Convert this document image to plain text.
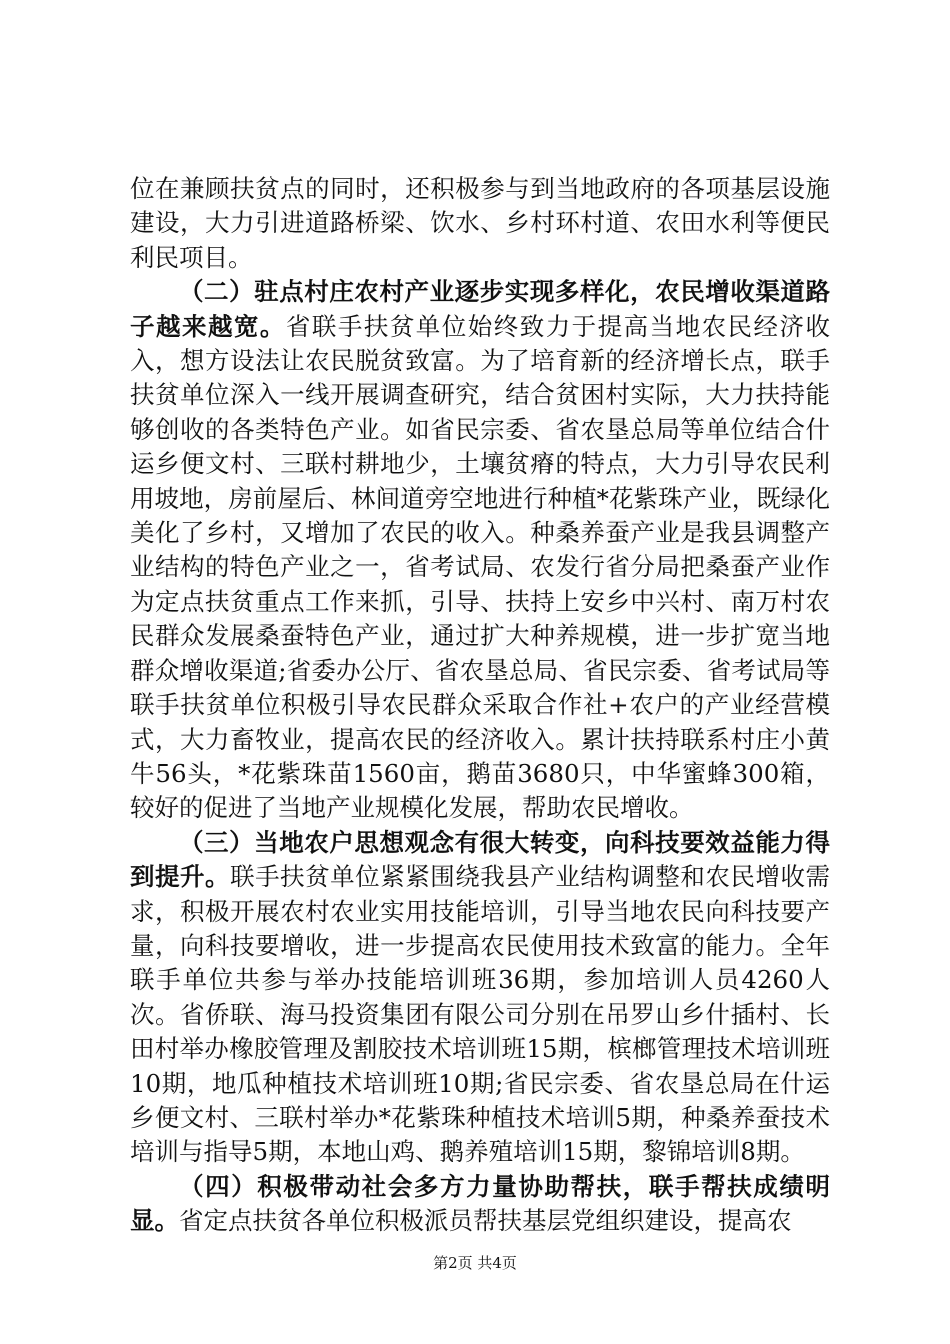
位在兼顾扶贫点的同时，还积极参与到当地政府的各项基层设施建设，大力引进道路桥梁、饮水、乡村环村道、农田水利等便民利民项目。

（二）驻点村庄农村产业逐步实现多样化，农民增收渠道路子越来越宽。省联手扶贫单位始终致力于提高当地农民经济收入，想方设法让农民脱贫致富。为了培育新的经济增长点，联手扶贫单位深入一线开展调查研究，结合贫困村实际，大力扶持能够创收的各类特色产业。如省民宗委、省农垦总局等单位结合什运乡便文村、三联村耕地少，土壤贫瘠的特点，大力引导农民利用坡地，房前屋后、林间道旁空地进行种植*花紫珠产业，既绿化美化了乡村，又增加了农民的收入。种桑养蚕产业是我县调整产业结构的特色产业之一，省考试局、农发行省分局把桑蚕产业作为定点扶贫重点工作来抓，引导、扶持上安乡中兴村、南万村农民群众发展桑蚕特色产业，通过扩大种养规模，进一步扩宽当地群众增收渠道;省委办公厅、省农垦总局、省民宗委、省考试局等联手扶贫单位积极引导农民群众采取合作社+农户的产业经营模式，大力畜牧业，提高农民的经济收入。累计扶持联系村庄小黄牛56头，*花紫珠苗1560亩，鹅苗3680只，中华蜜蜂300箱，较好的促进了当地产业规模化发展，帮助农民增收。

（三）当地农户思想观念有很大转变，向科技要效益能力得到提升。联手扶贫单位紧紧围绕我县产业结构调整和农民增收需求，积极开展农村农业实用技能培训，引导当地农民向科技要产量，向科技要增收，进一步提高农民使用技术致富的能力。全年联手单位共参与举办技能培训班36期，参加培训人员4260人次。省侨联、海马投资集团有限公司分别在吊罗山乡什插村、长田村举办橡胶管理及割胶技术培训班15期，槟榔管理技术培训班10期，地瓜种植技术培训班10期;省民宗委、省农垦总局在什运乡便文村、三联村举办*花紫珠种植技术培训5期，种桑养蚕技术培训与指导5期，本地山鸡、鹅养殖培训15期，黎锦培训8期。

（四）积极带动社会多方力量协助帮扶，联手帮扶成绩明显。省定点扶贫各单位积极派员帮扶基层党组织建设，提高农

第2页 共4页
